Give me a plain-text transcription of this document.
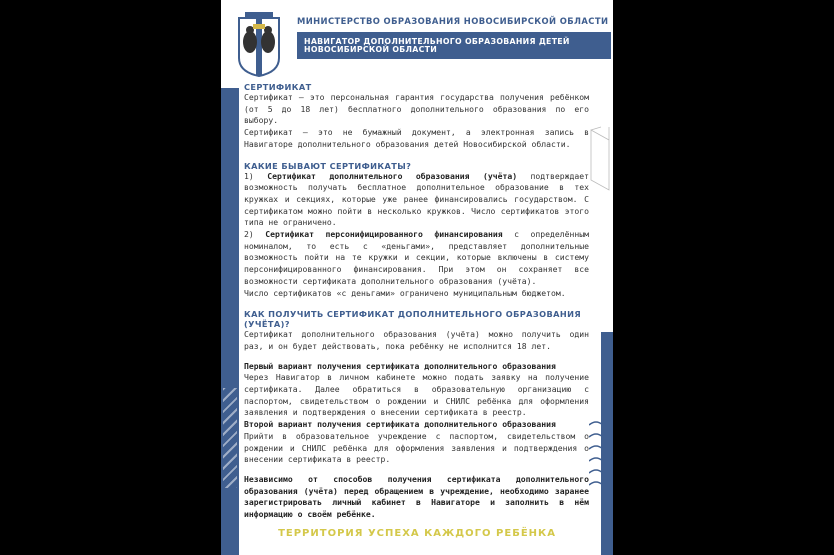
МИНИСТЕРСТВО ОБРАЗОВАНИЯ НОВОСИБИРСКОЙ ОБЛАСТИ
НАВИГАТОР ДОПОЛНИТЕЛЬНОГО ОБРАЗОВАНИЯ ДЕТЕЙ
НОВОСИБИРСКОЙ ОБЛАСТИ
СЕРТИФИКАТ

Сертификат – это персональная гарантия государства получения ребёнком (от 5 до 18 лет) бесплатного дополнительного образования по его выбору.

Сертификат – это не бумажный документ, а электронная запись в Навигаторе дополнительного образования детей Новосибирской области.

КАКИЕ БЫВАЮТ СЕРТИФИКАТЫ?

1) Сертификат дополнительного образования (учёта) подтверждает возможность получать бесплатное дополнительное образование в тех кружках и секциях, которые уже ранее финансировались государством. С сертификатом можно пойти в несколько кружков. Число сертификатов этого типа не ограничено.

2) Сертификат персонифицированного финансирования с определённым номиналом, то есть с «деньгами», представляет дополнительные возможность пойти на те кружки и секции, которые включены в систему персонифицированного финансирования. При этом он сохраняет все возможности сертификата дополнительного образования (учёта).

Число сертификатов «с деньгами» ограничено муниципальным бюджетом.

КАК ПОЛУЧИТЬ СЕРТИФИКАТ ДОПОЛНИТЕЛЬНОГО ОБРАЗОВАНИЯ
(УЧЁТА)?

Сертификат дополнительного образования (учёта) можно получить один раз, и он будет действовать, пока ребёнку не исполнится 18 лет.

Первый вариант получения сертификата дополнительного образования

Через Навигатор в личном кабинете можно подать заявку на получение сертификата. Далее обратиться в образовательную организацию с паспортом, свидетельством о рождении и СНИЛС ребёнка для оформления заявления и подтверждения о внесении сертификата в реестр.

Второй вариант получения сертификата дополнительного образования

Прийти в образовательное учреждение с паспортом, свидетельством о рождении и СНИЛС ребёнка для оформления заявления и подтверждения о внесении сертификата в реестр.

Независимо от способов получения сертификата дополнительного образования (учёта) перед обращением в учреждение, необходимо заранее зарегистрировать личный кабинет в Навигаторе и заполнить в нём информацию о своём ребёнке.

ТЕРРИТОРИЯ УСПЕХА КАЖДОГО РЕБЁНКА
